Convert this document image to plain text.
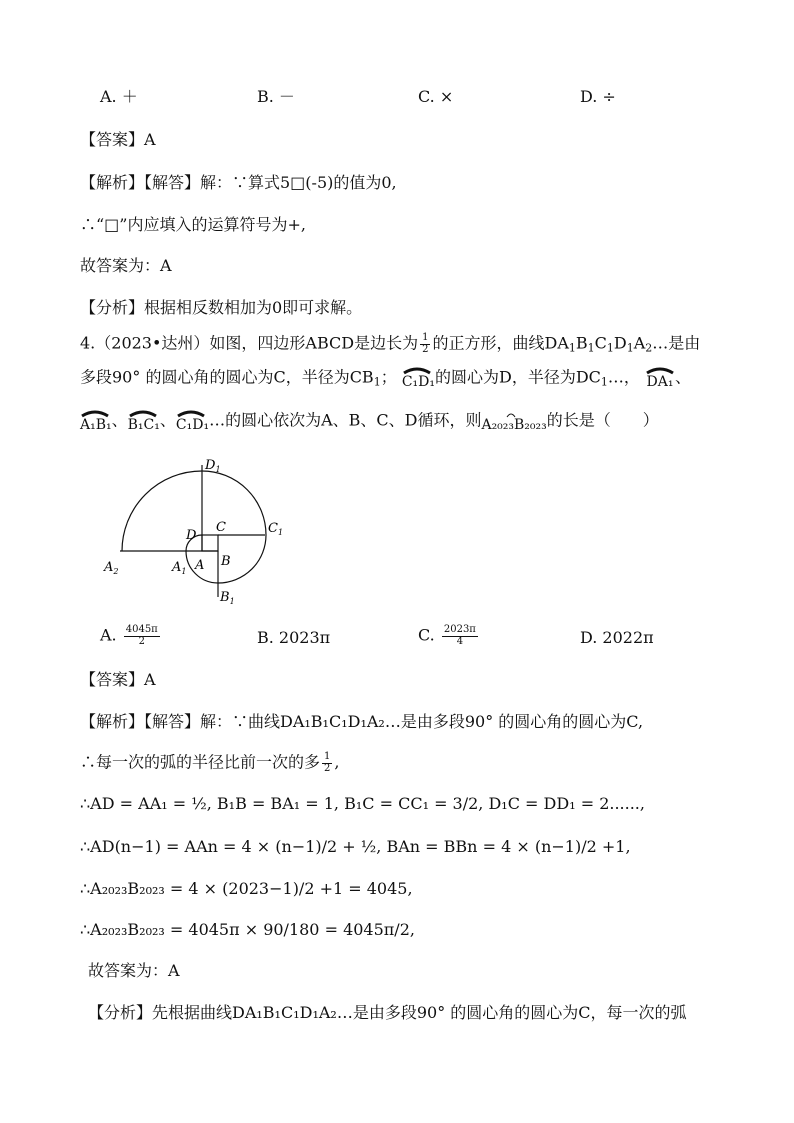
A. ＋	B. －	C. ×	D. ÷
【答案】A
【解析】【解答】解：∵算式5□(-5)的值为0,
∴“□”内应填入的运算符号为+,
故答案为：A
【分析】根据相反数相加为0即可求解。
4.（2023•达州）如图，四边形ABCD是边长为 $\frac{1}{2}$ 的正方形，曲线$DA_1B_1C_1D_1A_2\dots$是由
多段90° 的圆心角的圆心为C，半径为$CB_1$； C₁D₁ 的圆心为D，半径为$DC_1\dots$， DA₁ 、
A₁B₁ 、 B₁C₁ 、 C₁D₁ …的圆心依次为A、B、C、D循环，则 A₂₀₂₃B₂₀₂₃ 的长是（　　）
$D_1$
C	$C_1$
D
$A_2$	$A_1$ A B
$B_1$
A. $\frac{4045\pi}{2}$	B. 2023π	C. $\frac{2023\pi}{4}$	D. 2022π
【答案】A
【解析】【解答】解：∵曲线DA₁B₁C₁D₁A₂…是由多段90° 的圆心角的圆心为C,
∴每一次的弧的半径比前一次的多 $\frac{1}{2}$ ,
∴AD = AA₁ = ½, B₁B = BA₁ = 1, B₁C = CC₁ = 3/2, D₁C = DD₁ = 2......,
∴AD(n−1) = AAn = 4 × (n−1)/2 + ½, BAn = BBn = 4 × (n−1)/2 +1,
∴A₂₀₂₃B₂₀₂₃ = 4 × (2023−1)/2 +1 = 4045,
∴A₂₀₂₃B₂₀₂₃ = 4045π × 90/180 = 4045π/2,
故答案为：A
【分析】先根据曲线DA₁B₁C₁D₁A₂…是由多段90° 的圆心角的圆心为C，每一次的弧
